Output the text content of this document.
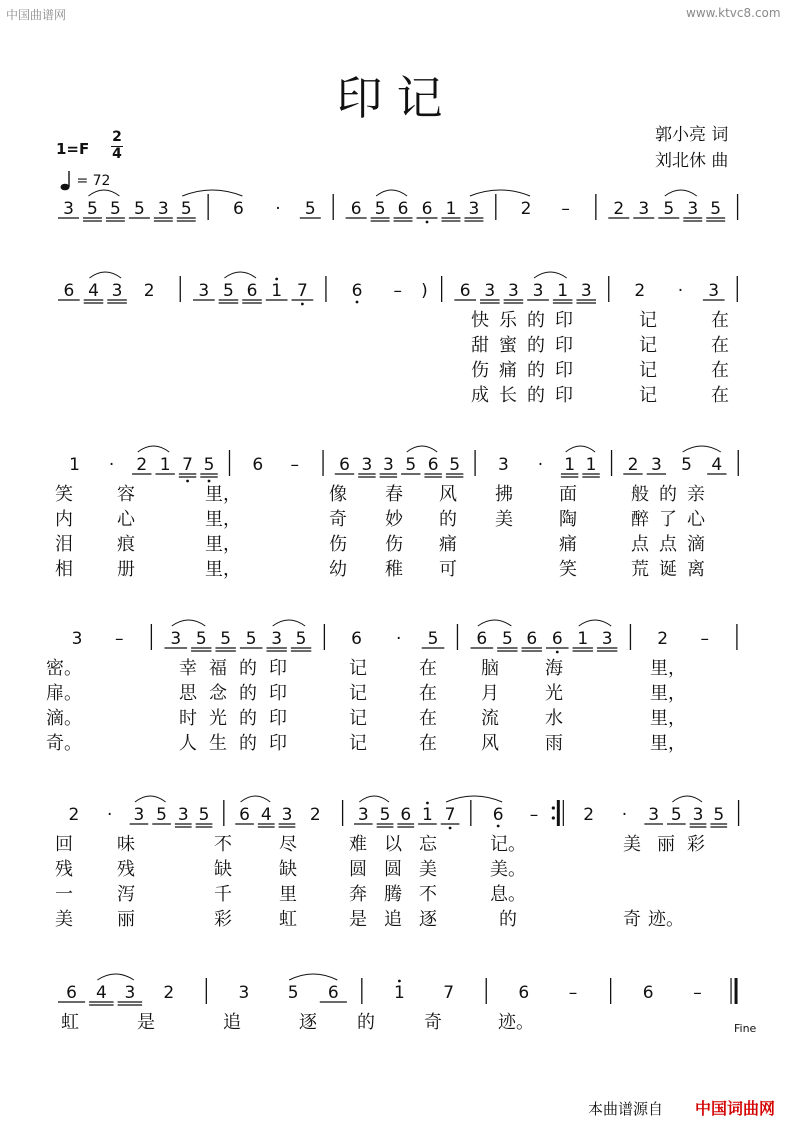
中国曲谱网	www.ktvc8.com
印记
郭小亮 词
刘北休 曲
1=F
2
4
= 72
3 5 5 5 3 5 6 · 5 6 5 6 6 1 3 2 –	2 3 5 3 5
6 4 3 2	3 5 6 1 7	6 – ) 6 3 3 3 1 3	2 · 3
快 乐 的 印	记	在
甜 蜜 的 印	记	在
伤 痛 的 印	记	在
成 长 的 印	记	在
1 · 2 1 7 5 6 – 6 3 3 5 6 5 3 · 1 1 2 3 5 4
笑 容	里，	像 春 风 拂	面	般 的 亲
内 心	里，	奇 妙 的 美	陶	醉 了 心
泪 痕	里，	伤 伤 痛	痛	点 点 滴
相 册	里，	幼 稚 可	笑	荒 诞 离
3 –	3 5 5 5 3 5	6 · 5 6 5 6 6 1 3	2 –
密。	幸 福 的 印	记	在 脑	海	里，
扉。	思 念 的 印	记	在 月	光	里，
滴。	时 光 的 印	记	在 流	水	里，
奇。	人 生 的 印	记	在 风	雨	里，
2 · 3 5 3 5 6 4 3 2 3 5 6 1 7 6 –	2 · 3 5 3 5
回 味	不	尽	难 以 忘	记。	美 丽 彩
残 残	缺	缺	圆 圆 美	美。
一 泻	千	里	奔 腾 不	息。
美 丽	彩	虹	是 追 逐	的	奇 迹。
6 4 3 2	3 5 6	1 7	6 –	6 –
虹	是	追	逐 的	奇	迹。	Fine
本曲谱源自 中国词曲网
